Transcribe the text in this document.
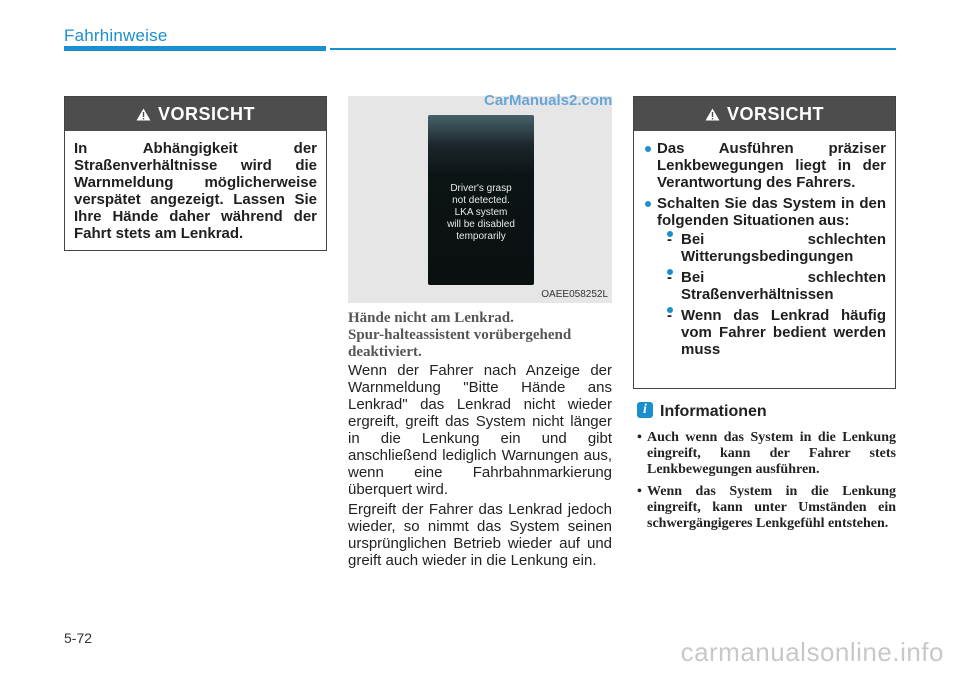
Fahrhinweise
VORSICHT
In Abhängigkeit der Straßenverhältnisse wird die Warnmeldung möglicherweise verspätet angezeigt. Lassen Sie Ihre Hände daher während der Fahrt stets am Lenkrad.
Driver's grasp
not detected.
LKA system
will be disabled
temporarily
OAEE058252L
CarManuals2.com
Hände nicht am Lenkrad.
Spur-halteassistent vorübergehend deaktiviert.
Wenn der Fahrer nach Anzeige der Warnmeldung "Bitte Hände ans Lenkrad" das Lenkrad nicht wieder ergreift, greift das System nicht länger in die Lenkung ein und gibt anschließend lediglich Warnungen aus, wenn eine Fahrbahnmarkierung überquert wird.
Ergreift der Fahrer das Lenkrad jedoch wieder, so nimmt das System seinen ursprünglichen Betrieb wieder auf und greift auch wieder in die Lenkung ein.
VORSICHT
Das Ausführen präziser Lenkbewegungen liegt in der Verantwortung des Fahrers.
Schalten Sie das System in den folgenden Situationen aus:
- Bei schlechten Witterungsbedingungen
- Bei schlechten Straßenverhältnissen
- Wenn das Lenkrad häufig vom Fahrer bedient werden muss
i Informationen
• Auch wenn das System in die Lenkung eingreift, kann der Fahrer stets Lenkbewegungen ausführen.
• Wenn das System in die Lenkung eingreift, kann unter Umständen ein schwergängigeres Lenkgefühl entstehen.
5-72	carmanualsonline.info
